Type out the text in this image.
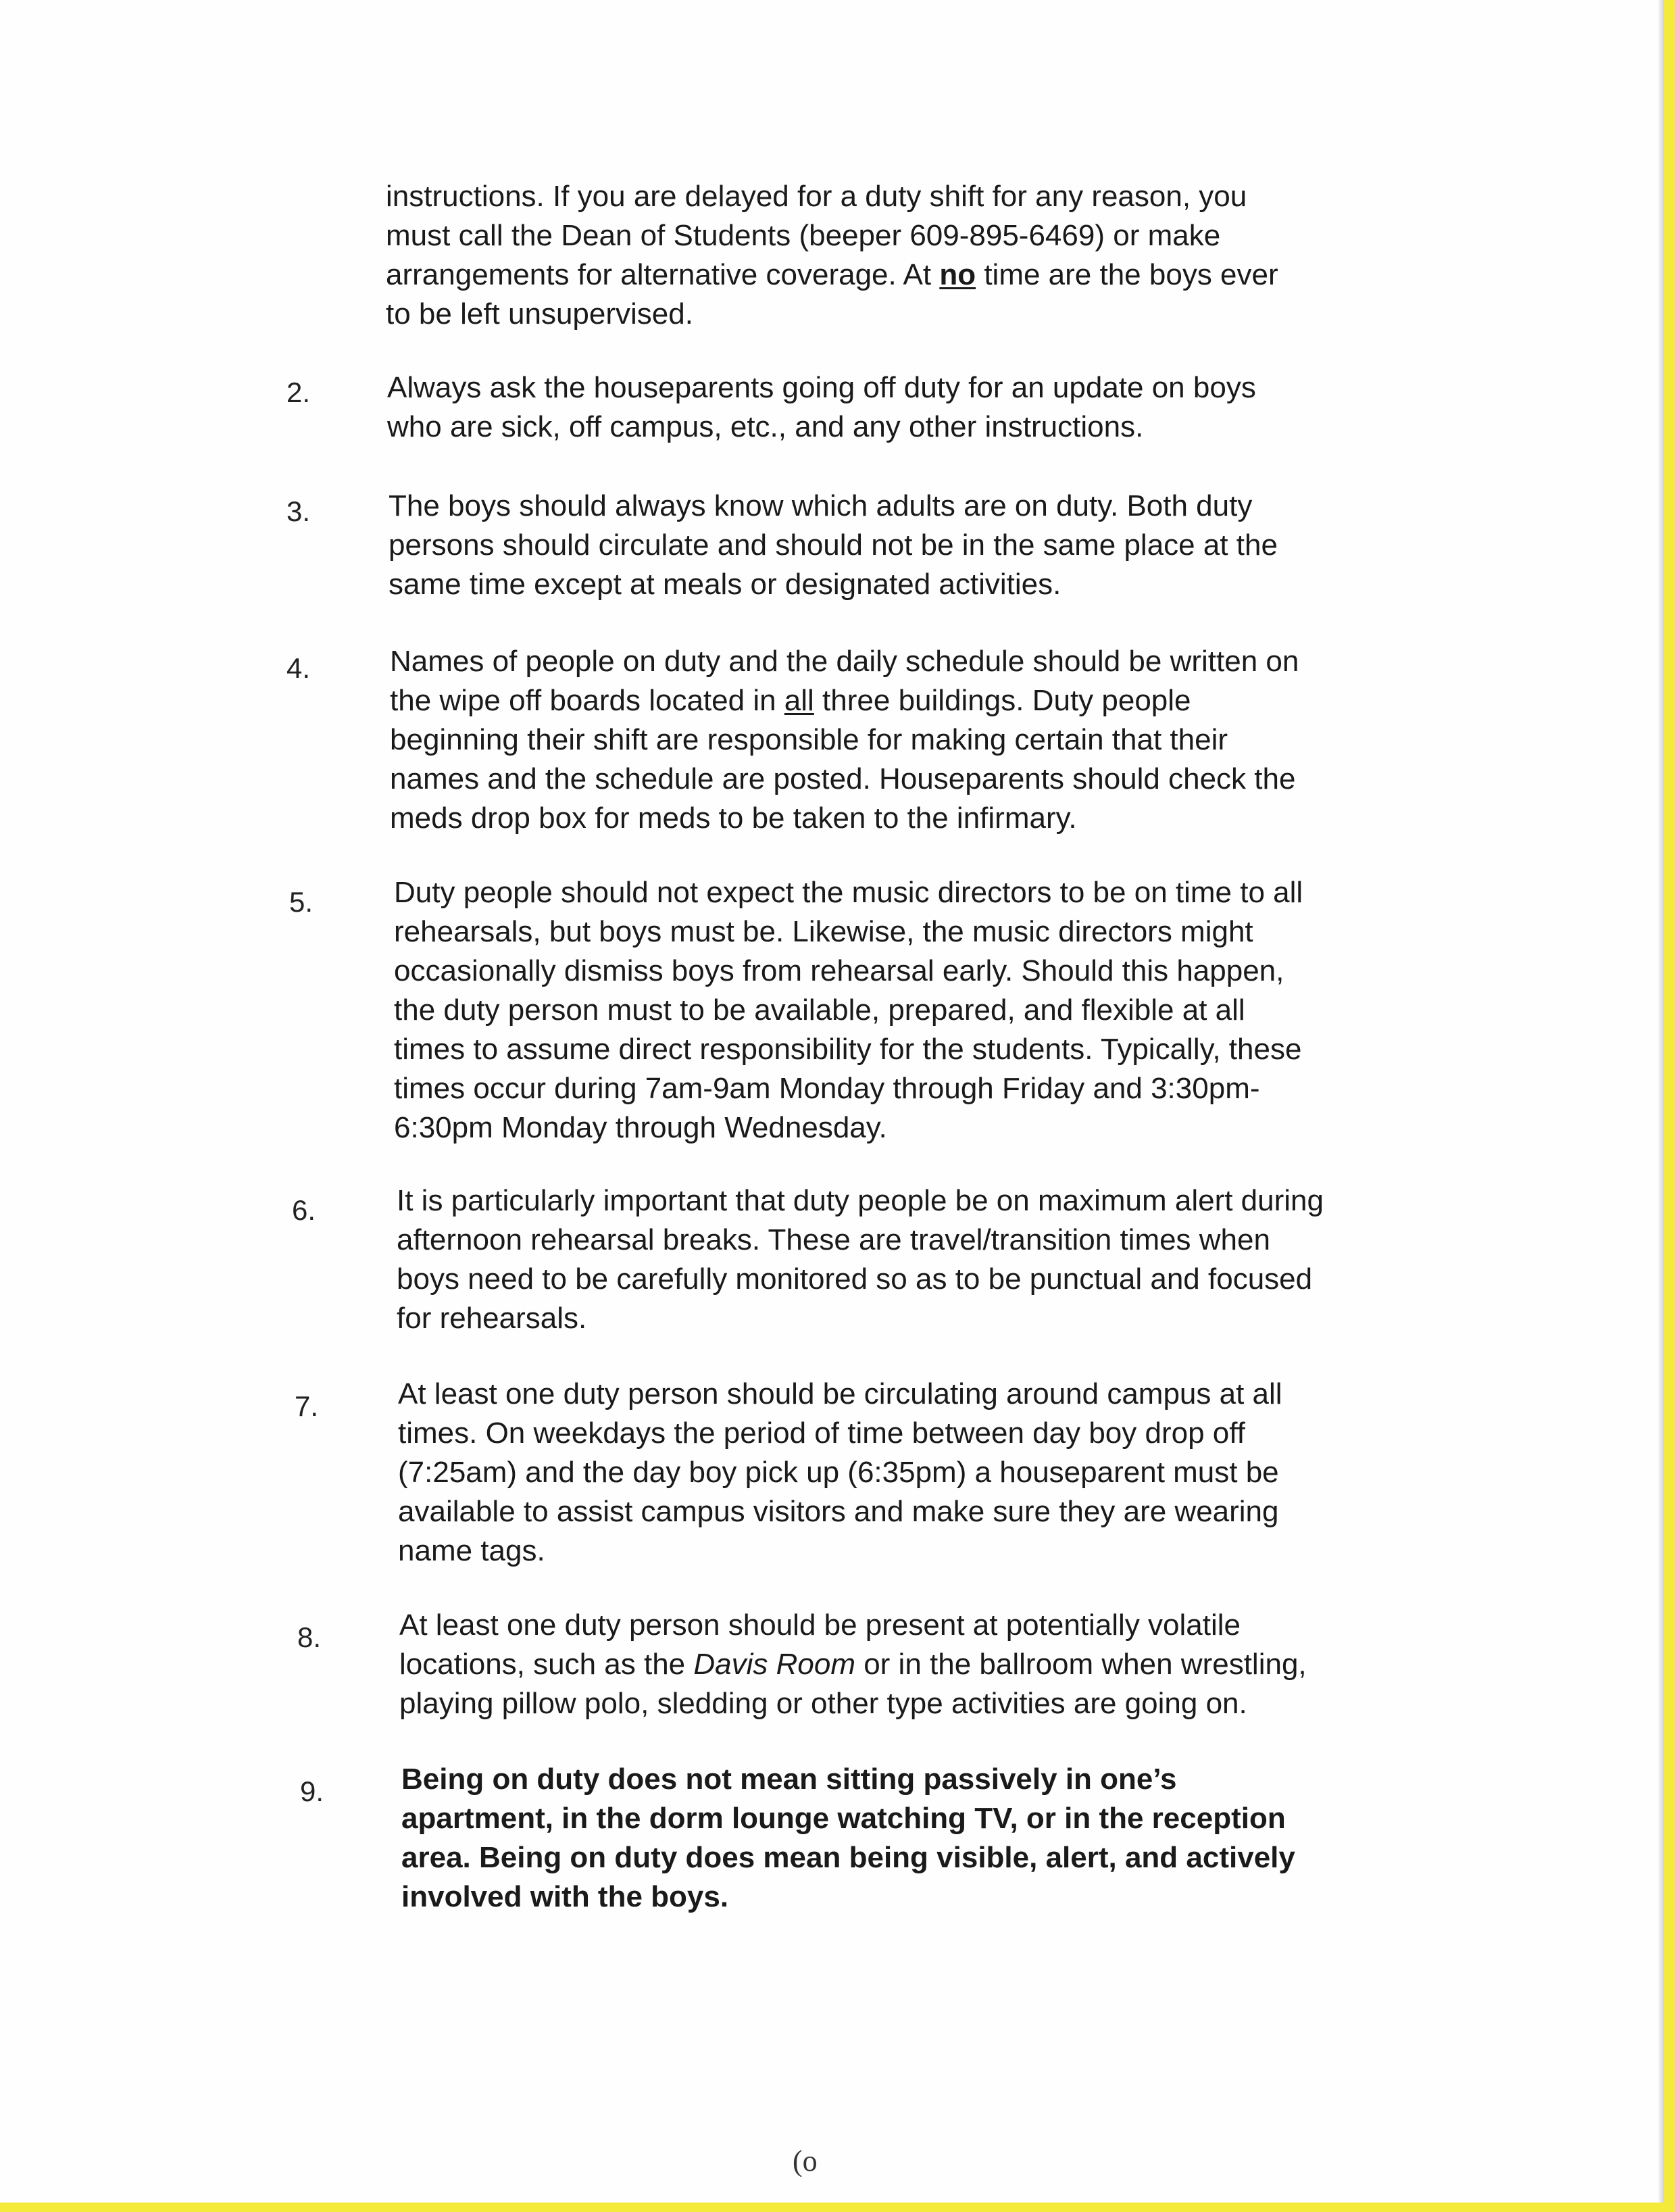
instructions. If you are delayed for a duty shift for any reason, you

must call the Dean of Students (beeper 609-895-6469) or make

arrangements for alternative coverage. At no time are the boys ever

to be left unsupervised.

2.	Always ask the houseparents going off duty for an update on boys

who are sick, off campus, etc., and any other instructions.

3.	The boys should always know which adults are on duty. Both duty

persons should circulate and should not be in the same place at the

same time except at meals or designated activities.

4.	Names of people on duty and the daily schedule should be written on

the wipe off boards located in all three buildings. Duty people

beginning their shift are responsible for making certain that their

names and the schedule are posted. Houseparents should check the

meds drop box for meds to be taken to the infirmary.

5.	Duty people should not expect the music directors to be on time to all

rehearsals, but boys must be. Likewise, the music directors might

occasionally dismiss boys from rehearsal early. Should this happen,

the duty person must to be available, prepared, and flexible at all

times to assume direct responsibility for the students. Typically, these

times occur during 7am-9am Monday through Friday and 3:30pm-

6:30pm Monday through Wednesday.

6.	It is particularly important that duty people be on maximum alert during

afternoon rehearsal breaks. These are travel/transition times when

boys need to be carefully monitored so as to be punctual and focused

for rehearsals.

7.	At least one duty person should be circulating around campus at all

times. On weekdays the period of time between day boy drop off

(7:25am) and the day boy pick up (6:35pm) a houseparent must be

available to assist campus visitors and make sure they are wearing

name tags.

8.	At least one duty person should be present at potentially volatile

locations, such as the Davis Room or in the ballroom when wrestling,

playing pillow polo, sledding or other type activities are going on.

9.	Being on duty does not mean sitting passively in one’s

apartment, in the dorm lounge watching TV, or in the reception

area. Being on duty does mean being visible, alert, and actively

involved with the boys.

(o
